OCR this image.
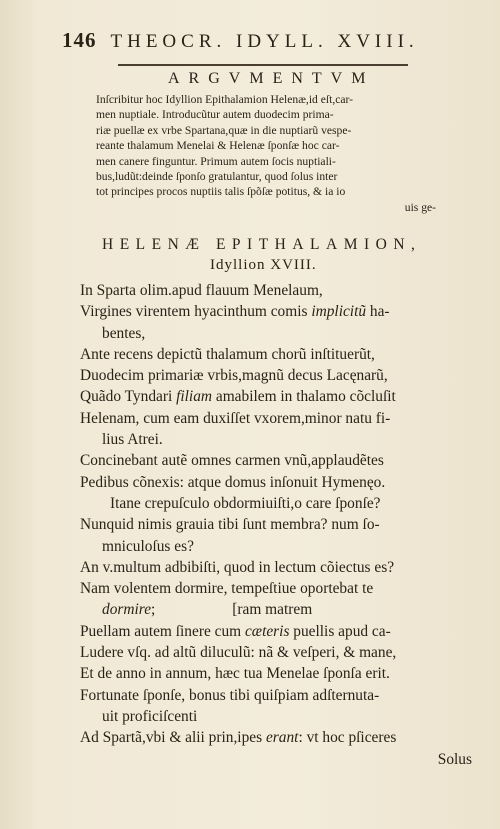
146 THEOCR. IDYLL. XVIII.
ARGVMENTVM
Inſcribitur hoc Idyllion Epithalamion Helenæ,id eſt,car-
men nuptiale. Introducũtur autem duodecim prima-
riæ puellæ ex vrbe Spartana,quæ in die nuptiarũ vespe-
reante thalamum Menelai & Helenæ ſponſæ hoc car-
men canere finguntur. Primum autem ſocis nuptiali-
bus,ludũt:deinde ſponſo gratulantur, quod ſolus inter
tot principes procos nuptiis talis ſpõſæ potitus, & ia io
uis ge-
HELENÆ EPITHALAMION,
Idyllion XVIII.
In Sparta olim.apud flauum Menelaum,
Virgines virentem hyacinthum comis implicitũ ha-
bentes,
Ante recens depictũ thalamum chorũ inſtituerũt,
Duodecim primariæ vrbis,magnũ decus Lacęnarũ,
Quãdo Tyndari filiam amabilem in thalamo cõcluſit
Helenam, cum eam duxiſſet vxorem,minor natu fi-
lius Atrei.
Concinebant autẽ omnes carmen vnũ,applaudẽtes
Pedibus cõnexis: atque domus inſonuit Hymenęo.
Itane crepuſculo obdormiuiſti,o care ſponſe?
Nunquid nimis grauia tibi ſunt membra? num ſo-
mniculoſus es?
An v.multum adbibiſti, quod in lectum cõiectus es?
Nam volentem dormire, tempeſtiue oportebat te
dormire;                    [ram matrem
Puellam autem ſinere cum cæteris puellis apud ca-
Ludere vſq. ad altũ diluculũ: nã & veſperi, & mane,
Et de anno in annum, hæc tua Menelae ſponſa erit.
Fortunate ſponſe, bonus tibi quiſpiam adſternuta-
uit proficiſcenti
Ad Spartã,vbi & alii prin,ipes erant: vt hoc pſiceres
Solus
